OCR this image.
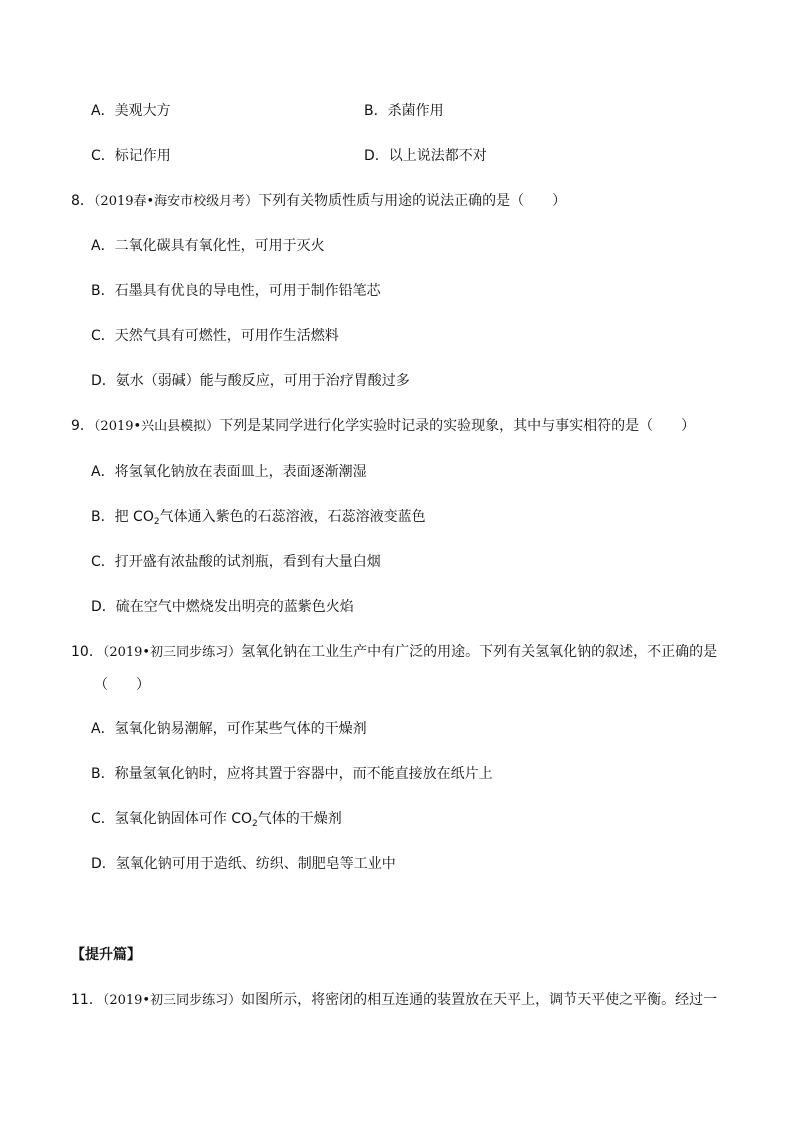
A．美观大方	B．杀菌作用
C．标记作用	D．以上说法都不对
8．（2019春•海安市校级月考）下列有关物质性质与用途的说法正确的是（　　）
A．二氧化碳具有氧化性，可用于灭火
B．石墨具有优良的导电性，可用于制作铅笔芯
C．天然气具有可燃性，可用作生活燃料
D．氨水（弱碱）能与酸反应，可用于治疗胃酸过多
9．（2019•兴山县模拟）下列是某同学进行化学实验时记录的实验现象，其中与事实相符的是（　　）
A．将氢氧化钠放在表面皿上，表面逐渐潮湿
B．把 $CO_2$气体通入紫色的石蕊溶液，石蕊溶液变蓝色
C．打开盛有浓盐酸的试剂瓶，看到有大量白烟
D．硫在空气中燃烧发出明亮的蓝紫色火焰
10．（2019•初三同步练习）氢氧化钠在工业生产中有广泛的用途。下列有关氢氧化钠的叙述，不正确的是
（　　）
A．氢氧化钠易潮解，可作某些气体的干燥剂
B．称量氢氧化钠时，应将其置于容器中，而不能直接放在纸片上
C．氢氧化钠固体可作 $CO_2$气体的干燥剂
D．氢氧化钠可用于造纸、纺织、制肥皂等工业中
【提升篇】
11．（2019•初三同步练习）如图所示，将密闭的相互连通的装置放在天平上，调节天平使之平衡。经过一
